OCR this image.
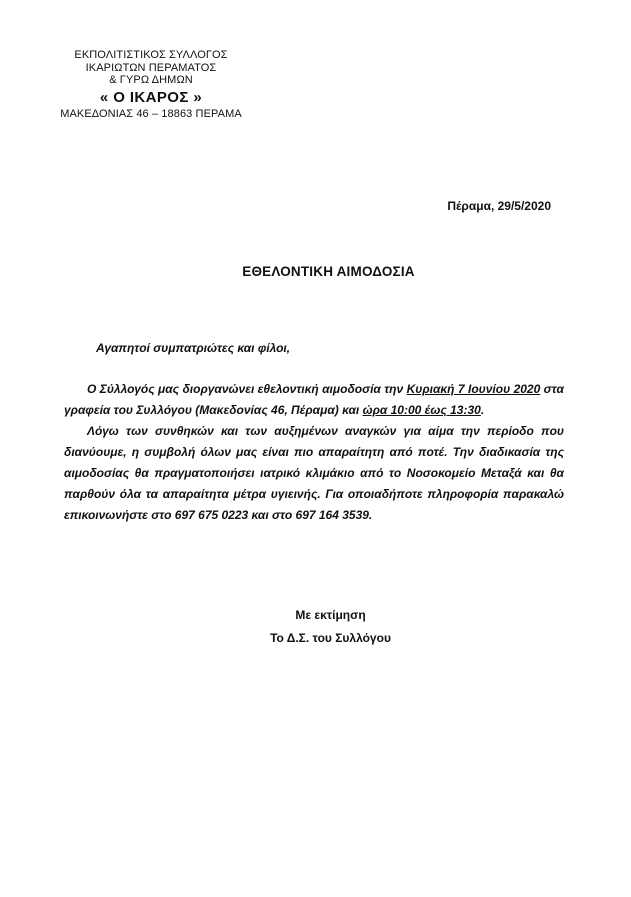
ΕΚΠΟΛΙΤΙΣΤΙΚΟΣ ΣΥΛΛΟΓΟΣ
ΙΚΑΡΙΩΤΩΝ ΠΕΡΑΜΑΤΟΣ
& ΓΥΡΩ ΔΗΜΩΝ
« Ο ΙΚΑΡΟΣ »
ΜΑΚΕΔΟΝΙΑΣ 46 – 18863 ΠΕΡΑΜΑ
Πέραμα, 29/5/2020
ΕΘΕΛΟΝΤΙΚΗ ΑΙΜΟΔΟΣΙΑ
Αγαπητοί συμπατριώτες και φίλοι,

Ο Σύλλογός μας διοργανώνει εθελοντική αιμοδοσία την Κυριακή 7 Ιουνίου 2020 στα γραφεία του Συλλόγου (Μακεδονίας 46, Πέραμα) και ώρα 10:00 έως 13:30.

Λόγω των συνθηκών και των αυξημένων αναγκών για αίμα την περίοδο που διανύουμε, η συμβολή όλων μας είναι πιο απαραίτητη από ποτέ. Την διαδικασία της αιμοδοσίας θα πραγματοποιήσει ιατρικό κλιμάκιο από το Νοσοκομείο Μεταξά και θα παρθούν όλα τα απαραίτητα μέτρα υγιεινής. Για οποιαδήποτε πληροφορία παρακαλώ επικοινωνήστε στο 697 675 0223 και στο 697 164 3539.

Με εκτίμηση
Το Δ.Σ. του Συλλόγου
